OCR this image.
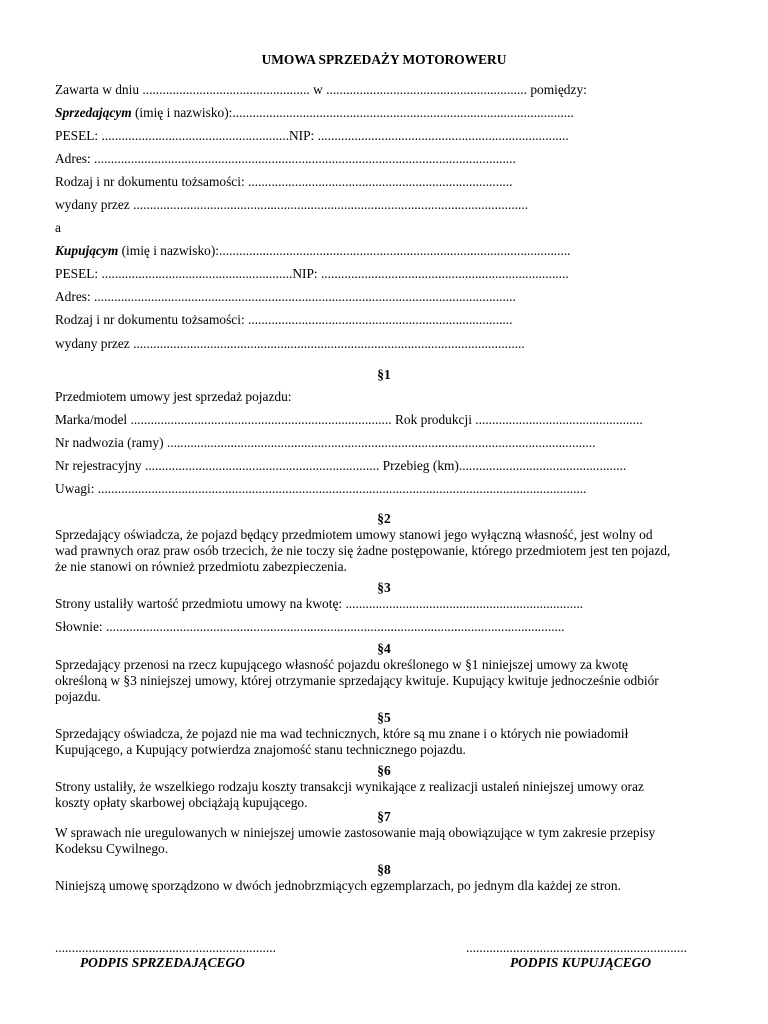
UMOWA SPRZEDAŻY MOTOROWERU
Zawarta w dniu .................................................. w ............................................................ pomiędzy:
Sprzedającym (imię i nazwisko):......................................................................................................
PESEL: ........................................................NIP: ...........................................................................
Adres: ..............................................................................................................................
Rodzaj i nr dokumentu tożsamości: ...............................................................................
wydany przez ......................................................................................................................
a
Kupującym (imię i nazwisko):.........................................................................................................
PESEL: .........................................................NIP: ..........................................................................
Adres: ..............................................................................................................................
Rodzaj i nr dokumentu tożsamości: ...............................................................................
wydany przez .....................................................................................................................
§1
Przedmiotem umowy jest sprzedaż pojazdu:
Marka/model .............................................................................. Rok produkcji ..................................................
Nr nadwozia (ramy) ................................................................................................................................
Nr rejestracyjny ...................................................................... Przebieg (km)..................................................
Uwagi: ..................................................................................................................................................
§2
Sprzedający oświadcza, że pojazd będący przedmiotem umowy stanowi jego wyłączną własność, jest wolny od
wad prawnych oraz praw osób trzecich, że nie toczy się żadne postępowanie, którego przedmiotem jest ten pojazd,
że nie stanowi on również przedmiotu zabezpieczenia.
§3
Strony ustaliły wartość przedmiotu umowy na kwotę: .......................................................................
Słownie: .........................................................................................................................................
§4
Sprzedający przenosi na rzecz kupującego własność pojazdu określonego w §1 niniejszej umowy za kwotę
określoną w §3 niniejszej umowy, której otrzymanie sprzedający kwituje. Kupujący kwituje jednocześnie odbiór
pojazdu.
§5
Sprzedający oświadcza, że pojazd nie ma wad technicznych, które są mu znane i o których nie powiadomił
Kupującego, a Kupujący potwierdza znajomość stanu technicznego pojazdu.
§6
Strony ustaliły, że wszelkiego rodzaju koszty transakcji wynikające z realizacji ustaleń niniejszej umowy oraz
koszty opłaty skarbowej obciążają kupującego.
§7
W sprawach nie uregulowanych w niniejszej umowie zastosowanie mają obowiązujące w tym zakresie przepisy
Kodeksu Cywilnego.
§8
Niniejszą umowę sporządzono w dwóch jednobrzmiących egzemplarzach, po jednym dla każdej ze stron.
..................................................................	..................................................................
PODPIS SPRZEDAJĄCEGO	PODPIS KUPUJĄCEGO
